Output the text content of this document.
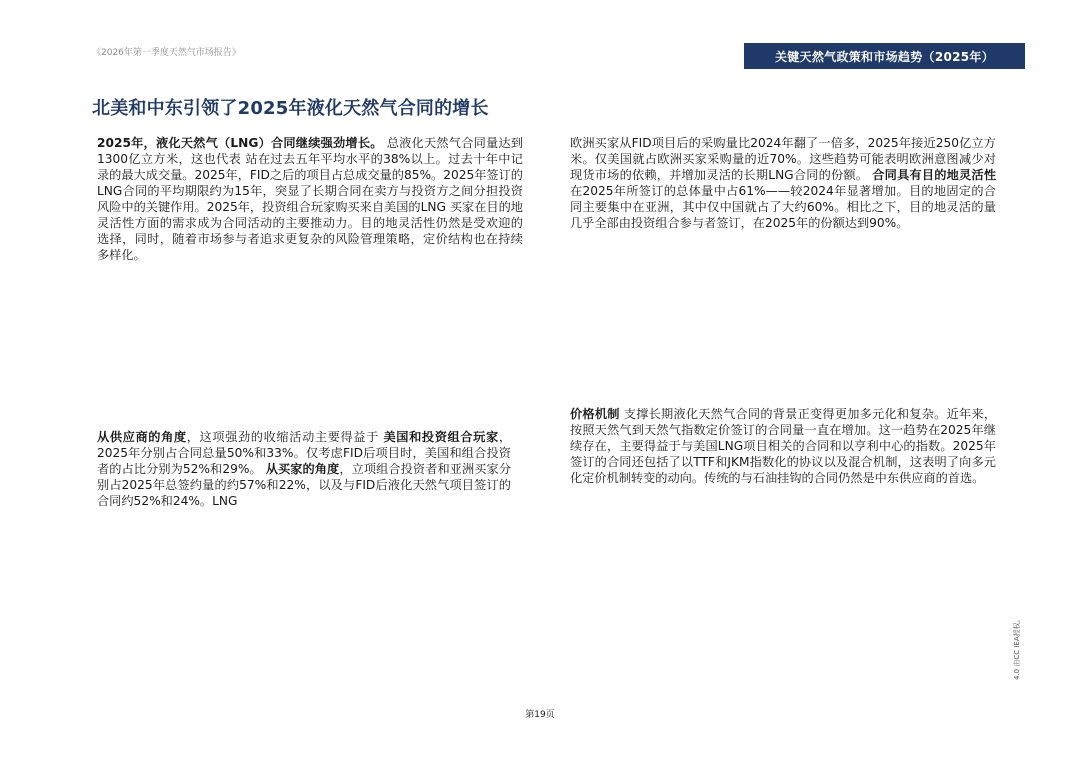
《2026年第一季度天然气市场报告》	关键天然气政策和市场趋势（2025年）
北美和中东引领了2025年液化天然气合同的增长

2025年，液化天然气（LNG）合同继续强劲增长。 总液化天然气合同量达到1300亿立方米，这也代表 站在过去五年平均水平的38%以上。过去十年中记录的最大成交量。2025年，FID之后的项目占总成交量的85%。2025年签订的LNG合同的平均期限约为15年，突显了长期合同在卖方与投资方之间分担投资风险中的关键作用。2025年，投资组合玩家购买来自美国的LNG 买家在目的地灵活性方面的需求成为合同活动的主要推动力。目的地灵活性仍然是受欢迎的选择，同时，随着市场参与者追求更复杂的风险管理策略，定价结构也在持续多样化。

欧洲买家从FID项目后的采购量比2024年翻了一倍多，2025年接近250亿立方米。仅美国就占欧洲买家采购量的近70%。这些趋势可能表明欧洲意图减少对现货市场的依赖，并增加灵活的长期LNG合同的份额。 合同具有目的地灵活性 在2025年所签订的总体量中占61%——较2024年显著增加。目的地固定的合同主要集中在亚洲，其中仅中国就占了大约60%。相比之下，目的地灵活的量几乎全部由投资组合参与者签订，在2025年的份额达到90%。

从供应商的角度，这项强劲的收缩活动主要得益于 美国和投资组合玩家，2025年分别占合同总量50%和33%。仅考虑FID后项目时，美国和组合投资者的占比分别为52%和29%。 从买家的角度，立项组合投资者和亚洲买家分别占2025年总签约量的约57%和22%，以及与FID后液化天然气项目签订的合同约52%和24%。LNG

价格机制 支撑长期液化天然气合同的背景正变得更加多元化和复杂。近年来，按照天然气到天然气指数定价签订的合同量一直在增加。这一趋势在2025年继续存在，主要得益于与美国LNG项目相关的合同和以亨利中心的指数。2025年签订的合同还包括了以TTF和JKM指数化的协议以及混合机制，这表明了向多元化定价机制转变的动向。传统的与石油挂钩的合同仍然是中东供应商的首选。

4.0 由CC IEA授权。
第19页
